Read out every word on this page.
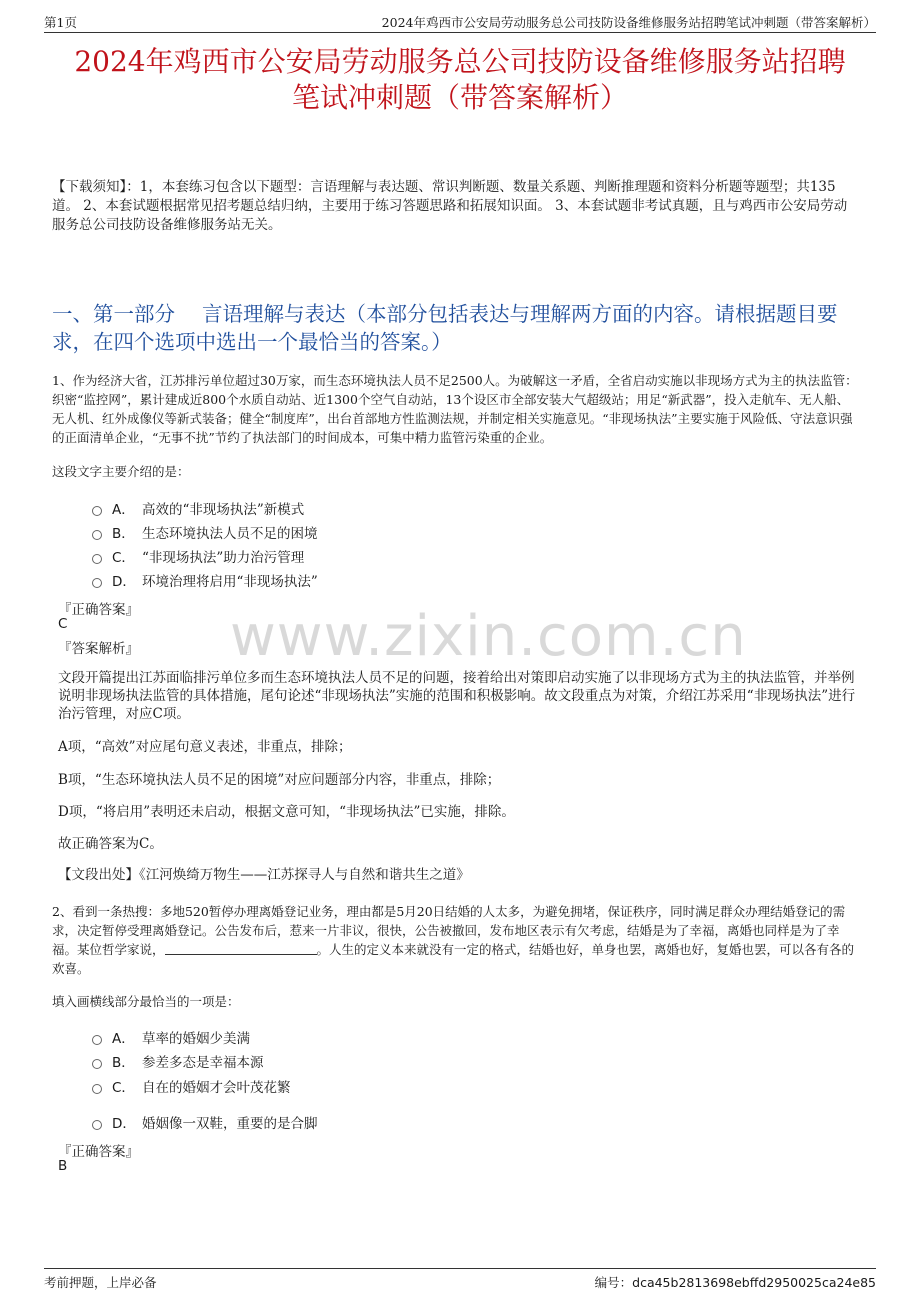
第1页	2024年鸡西市公安局劳动服务总公司技防设备维修服务站招聘笔试冲刺题（带答案解析）
2024年鸡西市公安局劳动服务总公司技防设备维修服务站招聘
笔试冲刺题（带答案解析）
【下载须知】：1，本套练习包含以下题型：言语理解与表达题、常识判断题、数量关系题、判断推理题和资料分析题等题型；共135道。 2、本套试题根据常见招考题总结归纳，主要用于练习答题思路和拓展知识面。 3、本套试题非考试真题，且与鸡西市公安局劳动服务总公司技防设备维修服务站无关。
一、第一部分　 言语理解与表达（本部分包括表达与理解两方面的内容。请根据题目要求，在四个选项中选出一个最恰当的答案。）
1、作为经济大省，江苏排污单位超过30万家，而生态环境执法人员不足2500人。为破解这一矛盾，全省启动实施以非现场方式为主的执法监管：织密“监控网”，累计建成近800个水质自动站、近1300个空气自动站，13个设区市全部安装大气超级站；用足“新武器”，投入走航车、无人船、无人机、红外成像仪等新式装备；健全“制度库”，出台首部地方性监测法规，并制定相关实施意见。“非现场执法”主要实施于风险低、守法意识强的正面清单企业，“无事不扰”节约了执法部门的时间成本，可集中精力监管污染重的企业。
这段文字主要介绍的是：
A． 高效的“非现场执法”新模式
B． 生态环境执法人员不足的困境
C． “非现场执法”助力治污管理
D． 环境治理将启用“非现场执法”
『正确答案』
C
『答案解析』 www.zixin.com.cn
文段开篇提出江苏面临排污单位多而生态环境执法人员不足的问题，接着给出对策即启动实施了以非现场方式为主的执法监管，并举例说明非现场执法监管的具体措施，尾句论述“非现场执法”实施的范围和积极影响。故文段重点为对策，介绍江苏采用“非现场执法”进行治污管理，对应C项。
A项，“高效”对应尾句意义表述，非重点，排除；
B项，“生态环境执法人员不足的困境”对应问题部分内容，非重点，排除；
D项，“将启用”表明还未启动，根据文意可知，“非现场执法”已实施，排除。
故正确答案为C。
【文段出处】《江河焕绮万物生——江苏探寻人与自然和谐共生之道》
2、看到一条热搜：多地520暂停办理离婚登记业务，理由都是5月20日结婚的人太多，为避免拥堵，保证秩序，同时满足群众办理结婚登记的需求，决定暂停受理离婚登记。公告发布后，惹来一片非议，很快，公告被撤回，发布地区表示有欠考虑，结婚是为了幸福，离婚也同样是为了幸福。某位哲学家说，	。人生的定义本来就没有一定的格式，结婚也好，单身也罢，离婚也好，复婚也罢，可以各有各的欢喜。
填入画横线部分最恰当的一项是：
A． 草率的婚姻少美满
B． 参差多态是幸福本源
C． 自在的婚姻才会叶茂花繁
D． 婚姻像一双鞋，重要的是合脚
『正确答案』
B
考前押题，上岸必备	编号：dca45b2813698ebffd2950025ca24e85
